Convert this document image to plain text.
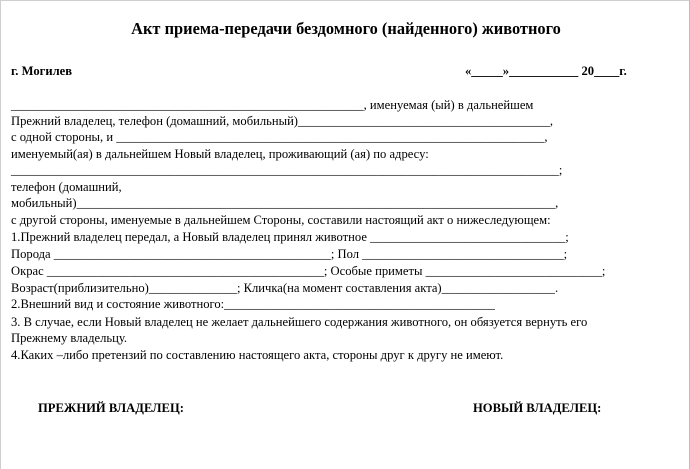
Акт приема-передачи бездомного (найденного) животного
г. Могилев	«_____»___________ 20____г.
________________________________________________________, именуемая (ый) в дальнейшем
Прежний владелец, телефон (домашний, мобильный)________________________________________,
с одной стороны, и ____________________________________________________________________,
именуемый(ая) в дальнейшем Новый владелец, проживающий (ая) по адресу:
_______________________________________________________________________________________;
телефон (домашний,
мобильный)____________________________________________________________________________,
с другой стороны, именуемые в дальнейшем Стороны, составили настоящий акт о нижеследующем:
1.Прежний владелец передал, а Новый владелец принял животное _______________________________;
Порода ____________________________________________; Пол ________________________________;
Окрас ____________________________________________; Особые приметы ____________________________;
Возраст(приблизительно)______________; Кличка(на момент составления акта)__________________.
2.Внешний вид и состояние животного:___________________________________________
3. В случае, если Новый владелец не желает дальнейшего содержания животного, он обязуется вернуть его
Прежнему владельцу.
4.Каких –либо претензий по составлению настоящего акта, стороны друг к другу не имеют.
ПРЕЖНИЙ ВЛАДЕЛЕЦ:	НОВЫЙ ВЛАДЕЛЕЦ:
